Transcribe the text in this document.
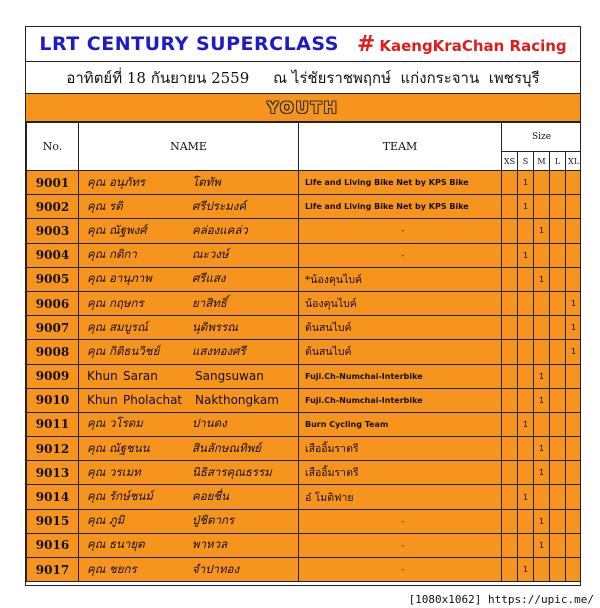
LRT CENTURY SUPERCLASS # KaengKraChan Racing
อาทิตย์ที่ 18 กันยายน 2559     ณ ไร่ชัยราชพฤกษ์  แก่งกระจาน  เพชรบุรี
YOUTH
No.	NAME	TEAM	Size				
			XS	S	M	L	XL
9001	คุณ อนุภัทร โตทัพ	Life and Living Bike Net by KPS Bike		1			
9002	คุณ รติ ศรีประมงค์	Life and Living Bike Net by KPS Bike		1			
9003	คุณ ณัฐพงศ์ คล่องแคล่ว	-			1		
9004	คุณ กติกา ณะวงษ์	-		1			
9005	คุณ อานุภาพ ศรีแสง	*น้องคุนไบค์			1		
9006	คุณ กฤษกร ยาสิทธิ์	น้องคุนไบค์					1
9007	คุณ สมบูรณ์ นุดิพรรณ	ต้นสนไบค์					1
9008	คุณ กิติธนวิชย์ แสงทองศรี	ต้นสนไบค์					1
9009	Khun Saran Sangsuwan	Fuji.Ch-Numchai-Interbike			1		
9010	Khun Pholachat Nakthongkam	Fuji.Ch-Numchai-Interbike			1		
9011	คุณ วโรดม ปานดง	Burn Cycling Team		1			
9012	คุณ ณัฐชนน สินลักษณทิพย์	เสืออิ้มราตรี			1		
9013	คุณ วรเมท นิธิสารคุณธรรม	เสืออิ้มราตรี			1		
9014	คุณ รักษ์ชนม์ คอยชื่น	อ๋ โมติฟาย		1			
9015	คุณ ภูมิ ปู่ชิตากร	-			1		
9016	คุณ ธนายุต พาหวล	-			1		
9017	คุณ ชยกร จำปาทอง	-		1			
[1080x1062] https://upic.me/
